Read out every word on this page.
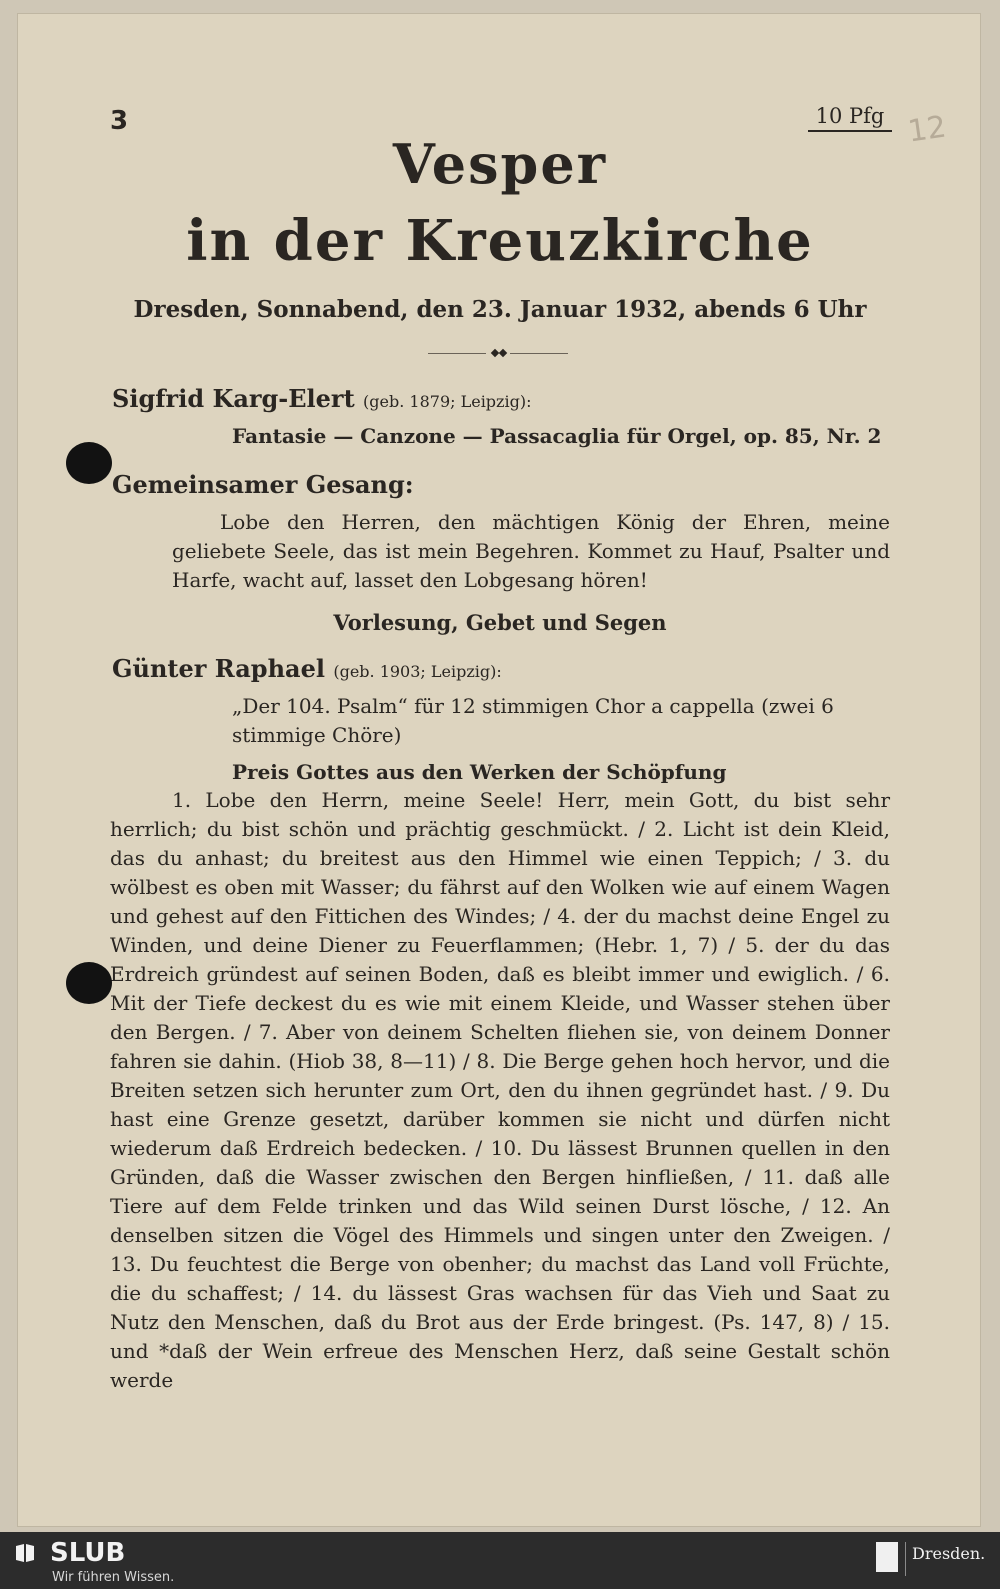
3	10 Pfg 12
Vesper
in der Kreuzkirche
Dresden, Sonnabend, den 23. Januar 1932, abends 6 Uhr
Sigfrid Karg-Elert (geb. 1879; Leipzig):
Fantasie — Canzone — Passacaglia für Orgel, op. 85, Nr. 2
Gemeinsamer Gesang:
Lobe den Herren, den mächtigen König der Ehren, meine geliebete Seele, das ist mein Begehren. Kommet zu Hauf, Psalter und Harfe, wacht auf, lasset den Lobgesang hören!
Vorlesung, Gebet und Segen
Günter Raphael (geb. 1903; Leipzig):
„Der 104. Psalm“ für 12 stimmigen Chor a cappella (zwei 6 stimmige Chöre)
Preis Gottes aus den Werken der Schöpfung
1. Lobe den Herrn, meine Seele! Herr, mein Gott, du bist sehr herrlich; du bist schön und prächtig geschmückt. / 2. Licht ist dein Kleid, das du anhast; du breitest aus den Himmel wie einen Teppich; / 3. du wölbest es oben mit Wasser; du fährst auf den Wolken wie auf einem Wagen und gehest auf den Fittichen des Windes; / 4. der du machst deine Engel zu Winden, und deine Diener zu Feuerflammen; (Hebr. 1, 7) / 5. der du das Erdreich gründest auf seinen Boden, daß es bleibt immer und ewiglich. / 6. Mit der Tiefe deckest du es wie mit einem Kleide, und Wasser stehen über den Bergen. / 7. Aber von deinem Schelten fliehen sie, von deinem Donner fahren sie dahin. (Hiob 38, 8—11) / 8. Die Berge gehen hoch hervor, und die Breiten setzen sich herunter zum Ort, den du ihnen gegründet hast. / 9. Du hast eine Grenze gesetzt, darüber kommen sie nicht und dürfen nicht wiederum daß Erdreich bedecken. / 10. Du lässest Brunnen quellen in den Gründen, daß die Wasser zwischen den Bergen hinfließen, / 11. daß alle Tiere auf dem Felde trinken und das Wild seinen Durst lösche, / 12. An denselben sitzen die Vögel des Himmels und singen unter den Zweigen. / 13. Du feuchtest die Berge von obenher; du machst das Land voll Früchte, die du schaffest; / 14. du lässest Gras wachsen für das Vieh und Saat zu Nutz den Menschen, daß du Brot aus der Erde bringest. (Ps. 147, 8) / 15. und *daß der Wein erfreue des Menschen Herz, daß seine Gestalt schön werde
SLUB
Wir führen Wissen.
Dresden.
